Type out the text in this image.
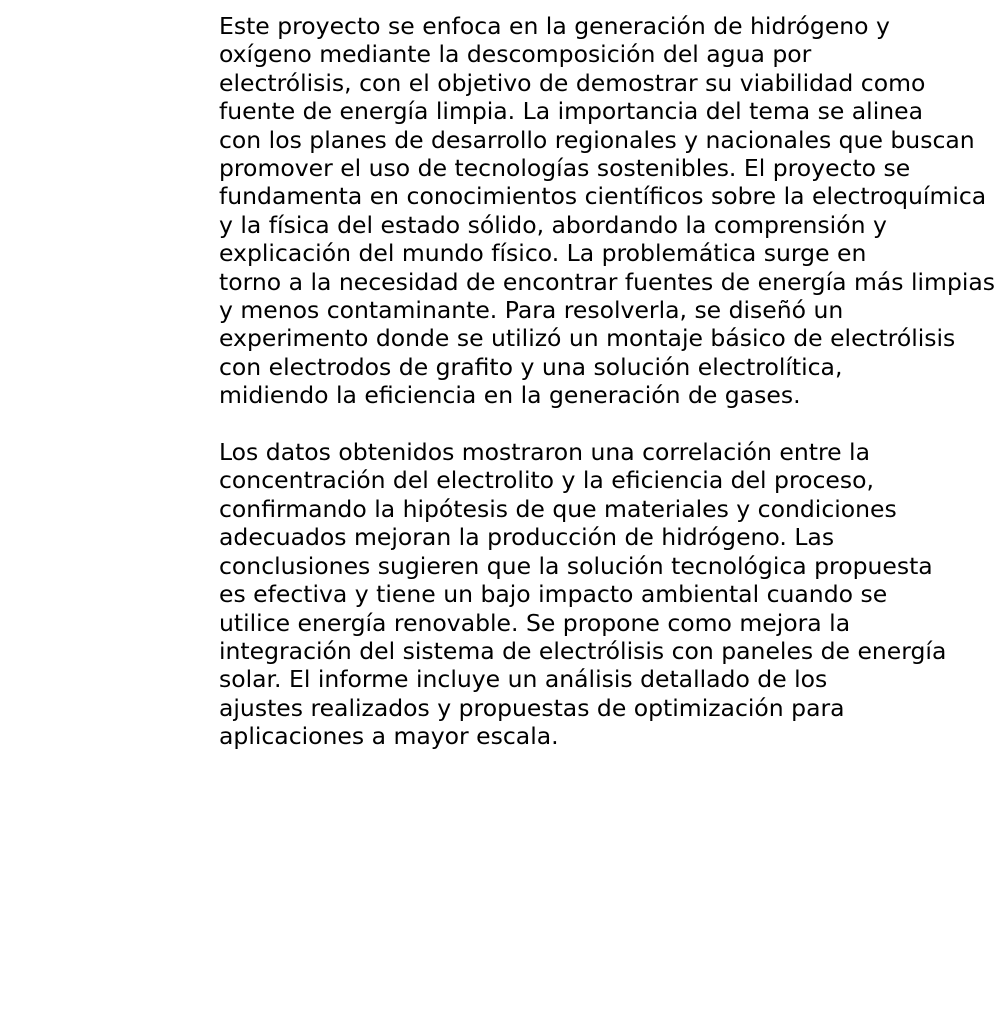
Este proyecto se enfoca en la generación de hidrógeno y
oxígeno mediante la descomposición del agua por
electrólisis, con el objetivo de demostrar su viabilidad como
fuente de energía limpia. La importancia del tema se alinea
con los planes de desarrollo regionales y nacionales que buscan
promover el uso de tecnologías sostenibles. El proyecto se
fundamenta en conocimientos científicos sobre la electroquímica
y la física del estado sólido, abordando la comprensión y
explicación del mundo físico. La problemática surge en
torno a la necesidad de encontrar fuentes de energía más limpias
y menos contaminante. Para resolverla, se diseñó un
experimento donde se utilizó un montaje básico de electrólisis
con electrodos de grafito y una solución electrolítica,
midiendo la eficiencia en la generación de gases.

Los datos obtenidos mostraron una correlación entre la
concentración del electrolito y la eficiencia del proceso,
confirmando la hipótesis de que materiales y condiciones
adecuados mejoran la producción de hidrógeno. Las
conclusiones sugieren que la solución tecnológica propuesta
es efectiva y tiene un bajo impacto ambiental cuando se
utilice energía renovable. Se propone como mejora la
integración del sistema de electrólisis con paneles de energía
solar. El informe incluye un análisis detallado de los
ajustes realizados y propuestas de optimización para
aplicaciones a mayor escala.
